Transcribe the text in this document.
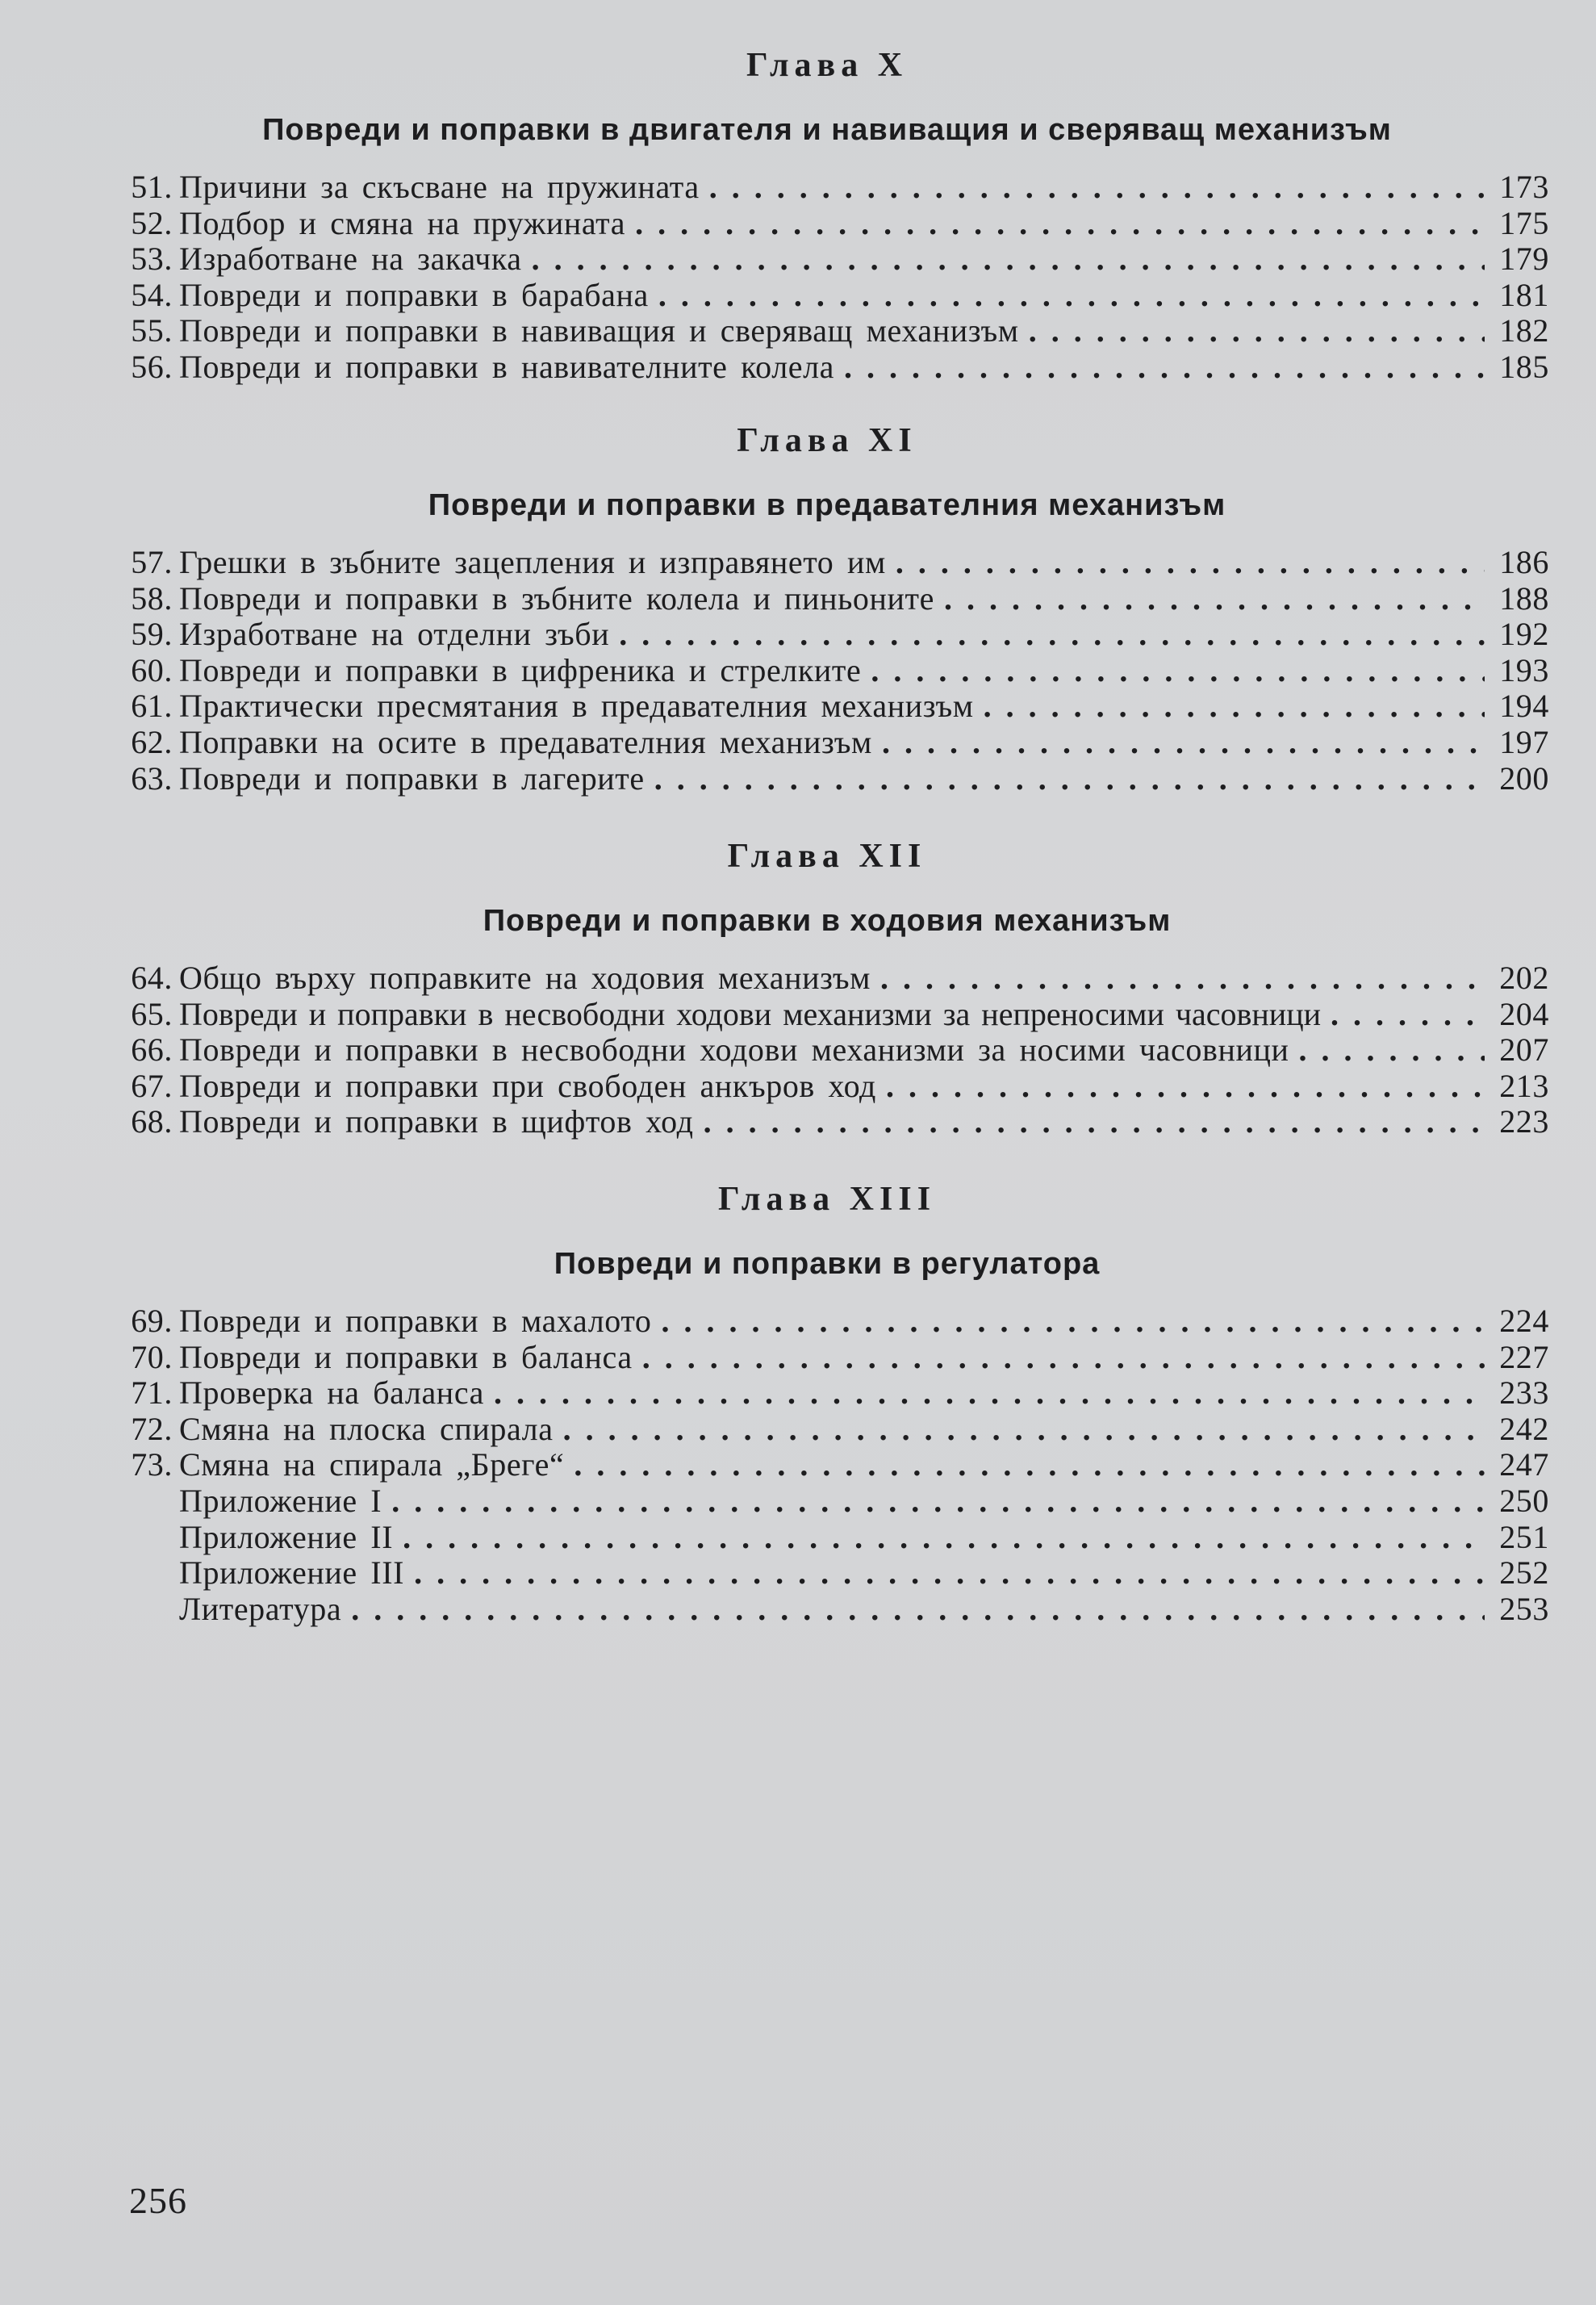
Глава X
Повреди и поправки в двигателя и навиващия и сверяващ механизъм
51. Причини за скъсване на пружината . . .	173
52. Подбор и смяна на пружината . . .	175
53. Изработване на закачка . . .	179
54. Повреди и поправки в барабана . . .	181
55. Повреди и поправки в навиващия и сверяващ механизъм . . .	182
56. Повреди и поправки в навивателните колела . . .	185
Глава XI
Повреди и поправки в предавателния механизъм
57. Грешки в зъбните зацепления и изправянето им . . .	186
58. Повреди и поправки в зъбните колела и пиньоните . . .	188
59. Изработване на отделни зъби . . .	192
60. Повреди и поправки в цифреника и стрелките . . .	193
61. Практически пресмятания в предавателния механизъм . . .	194
62. Поправки на осите в предавателния механизъм . . .	197
63. Повреди и поправки в лагерите . . .	200
Глава XII
Повреди и поправки в ходовия механизъм
64. Общо върху поправките на ходовия механизъм . . .	202
65. Повреди и поправки в несвободни ходови механизми за непреносими часовници . . .	204
66. Повреди и поправки в несвободни ходови механизми за носими часовници . . .	207
67. Повреди и поправки при свободен анкъров ход . . .	213
68. Повреди и поправки в щифтов ход . . .	223
Глава XIII
Повреди и поправки в регулатора
69. Повреди и поправки в махалото . . .	224
70. Повреди и поправки в баланса . . .	227
71. Проверка на баланса . . .	233
72. Смяна на плоска спирала . . .	242
73. Смяна на спирала „Бреге“ . . .	247
Приложение I . . .	250
Приложение II . . .	251
Приложение III . . .	252
Литература . . .	253
256
